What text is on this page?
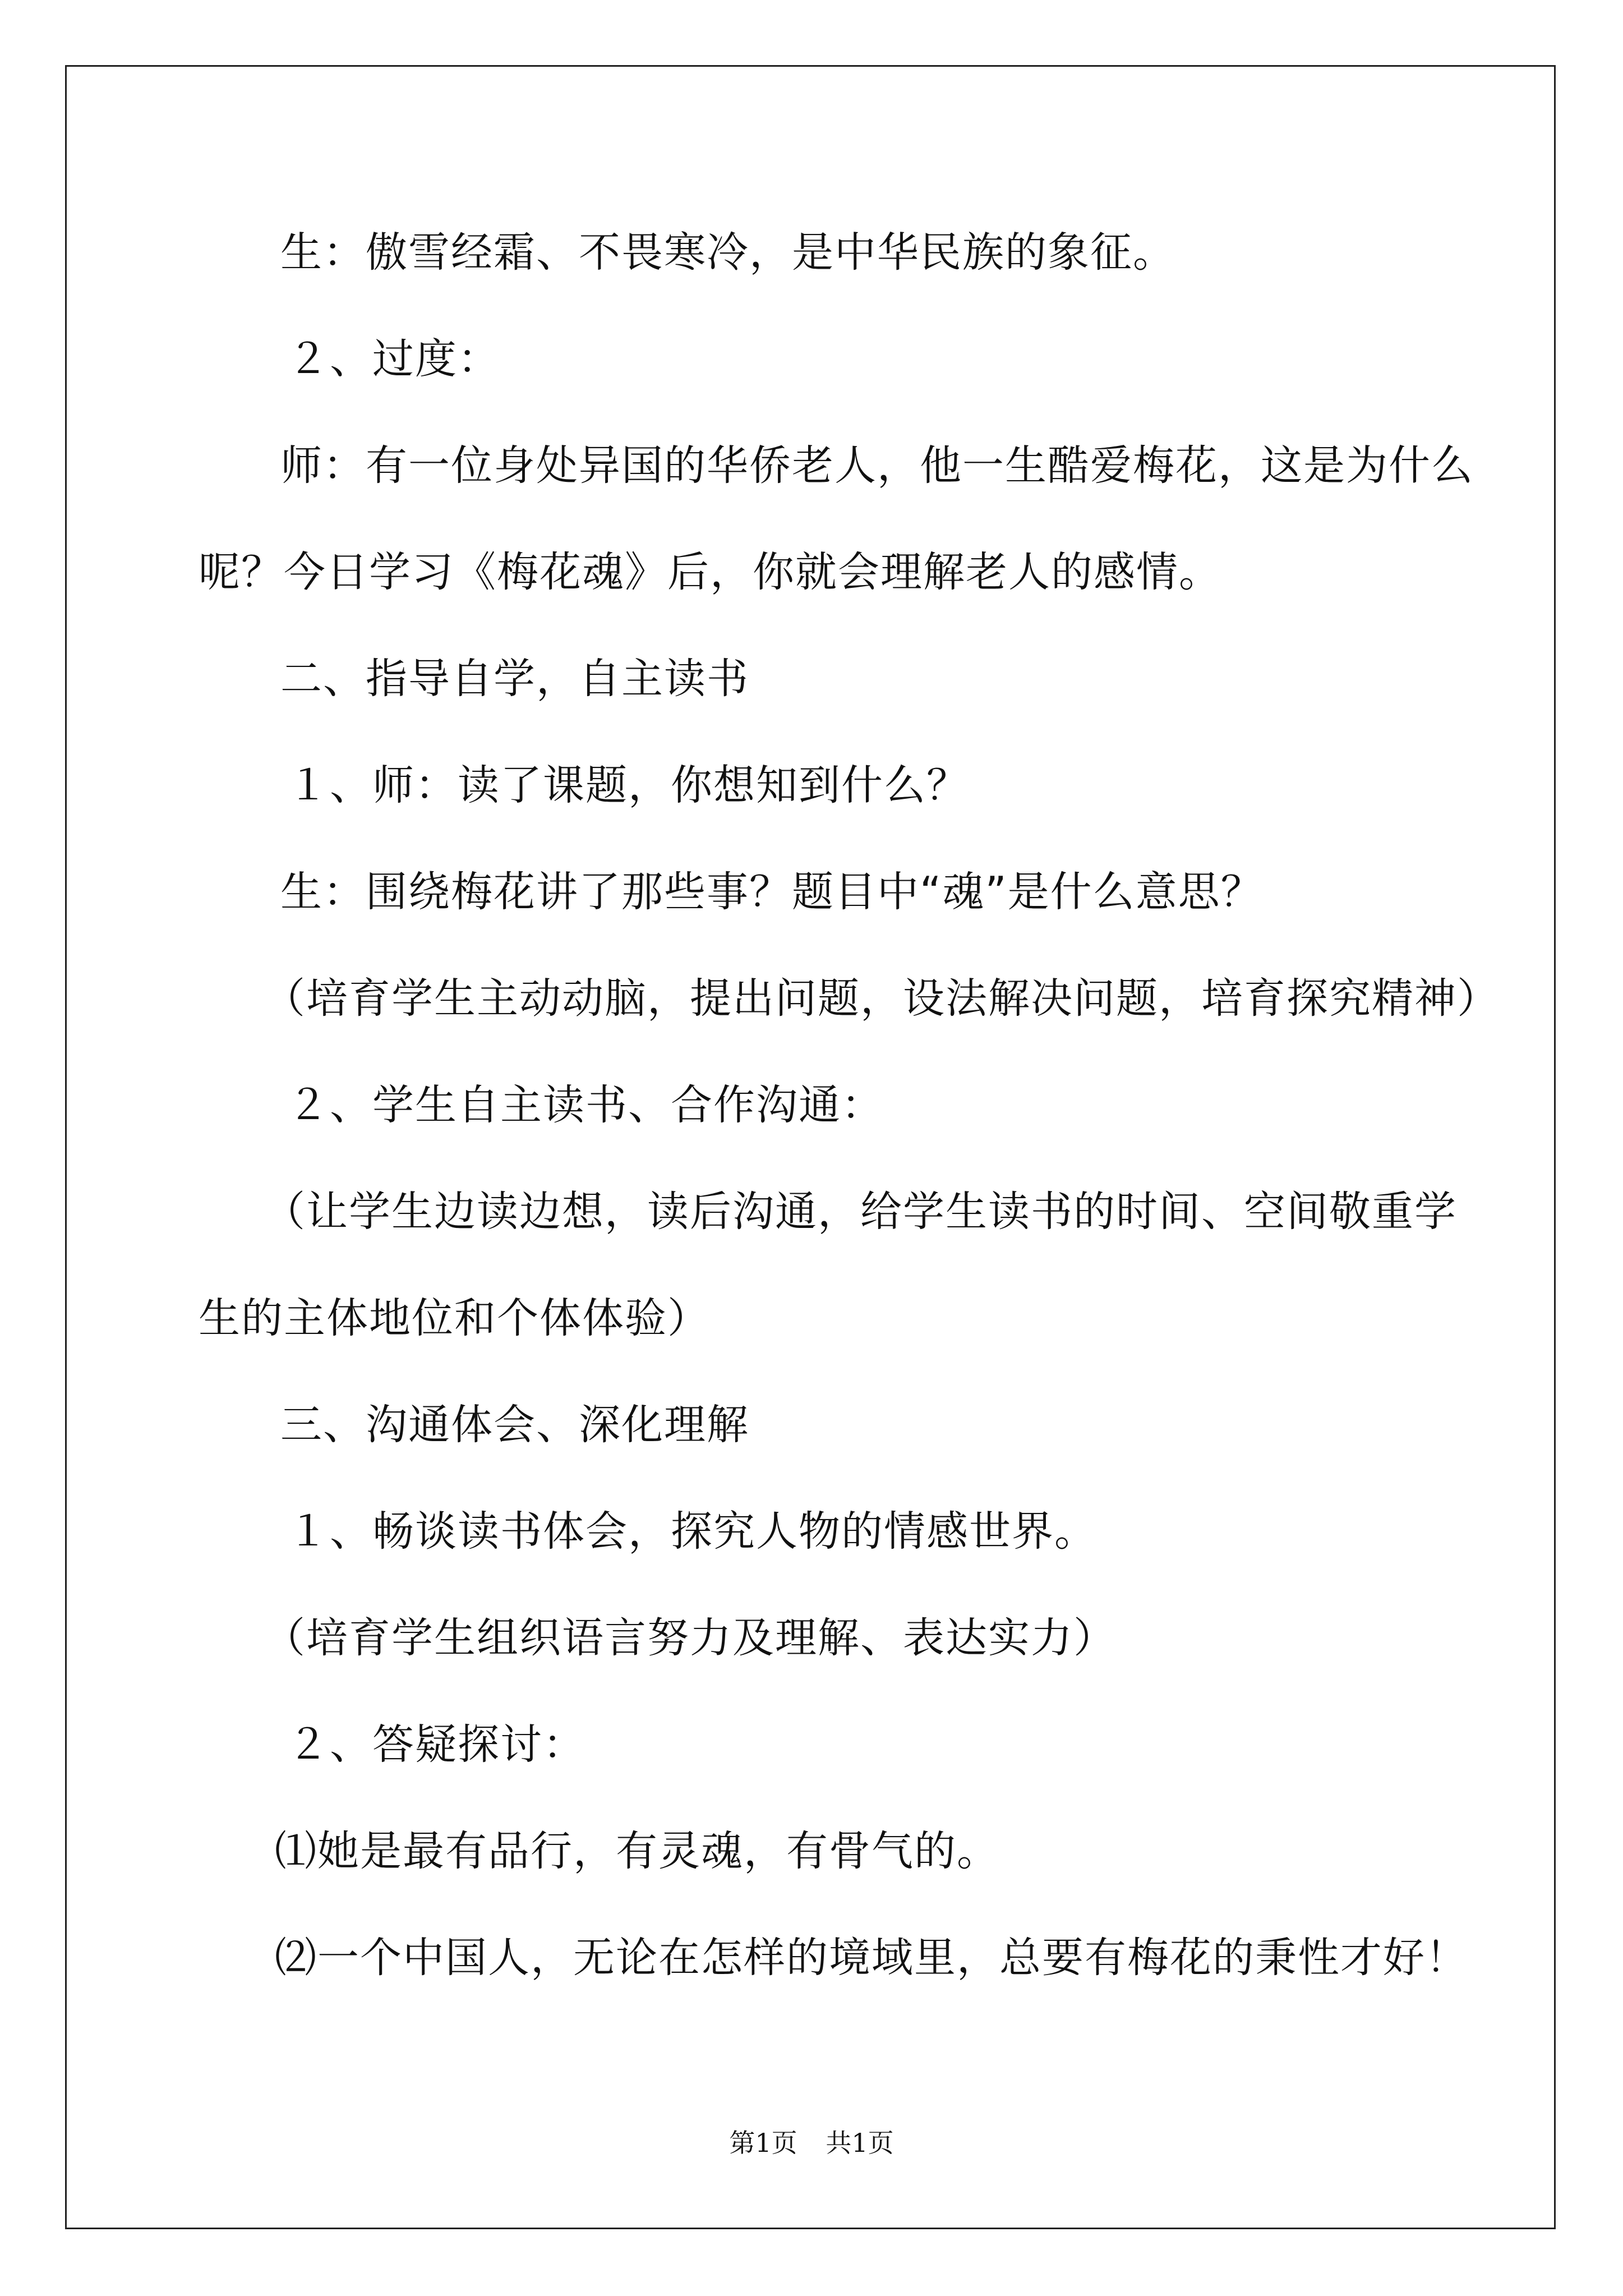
生：傲雪经霜、不畏寒冷，是中华民族的象征。
２、过度：
师：有一位身处异国的华侨老人，他一生酷爱梅花，这是为什么
呢？今日学习《梅花魂》后，你就会理解老人的感情。
二、指导自学，自主读书
１、师：读了课题，你想知到什么？
生：围绕梅花讲了那些事？题目中“魂”是什么意思？
（培育学生主动动脑，提出问题，设法解决问题，培育探究精神）
２、学生自主读书、合作沟通：
（让学生边读边想，读后沟通，给学生读书的时间、空间敬重学
生的主体地位和个体体验）
三、沟通体会、深化理解
１、畅谈读书体会，探究人物的情感世界。
（培育学生组织语言努力及理解、表达实力）
２、答疑探讨：
⑴她是最有品行，有灵魂，有骨气的。
⑵一个中国人，无论在怎样的境域里，总要有梅花的秉性才好！
第1页 共1页
